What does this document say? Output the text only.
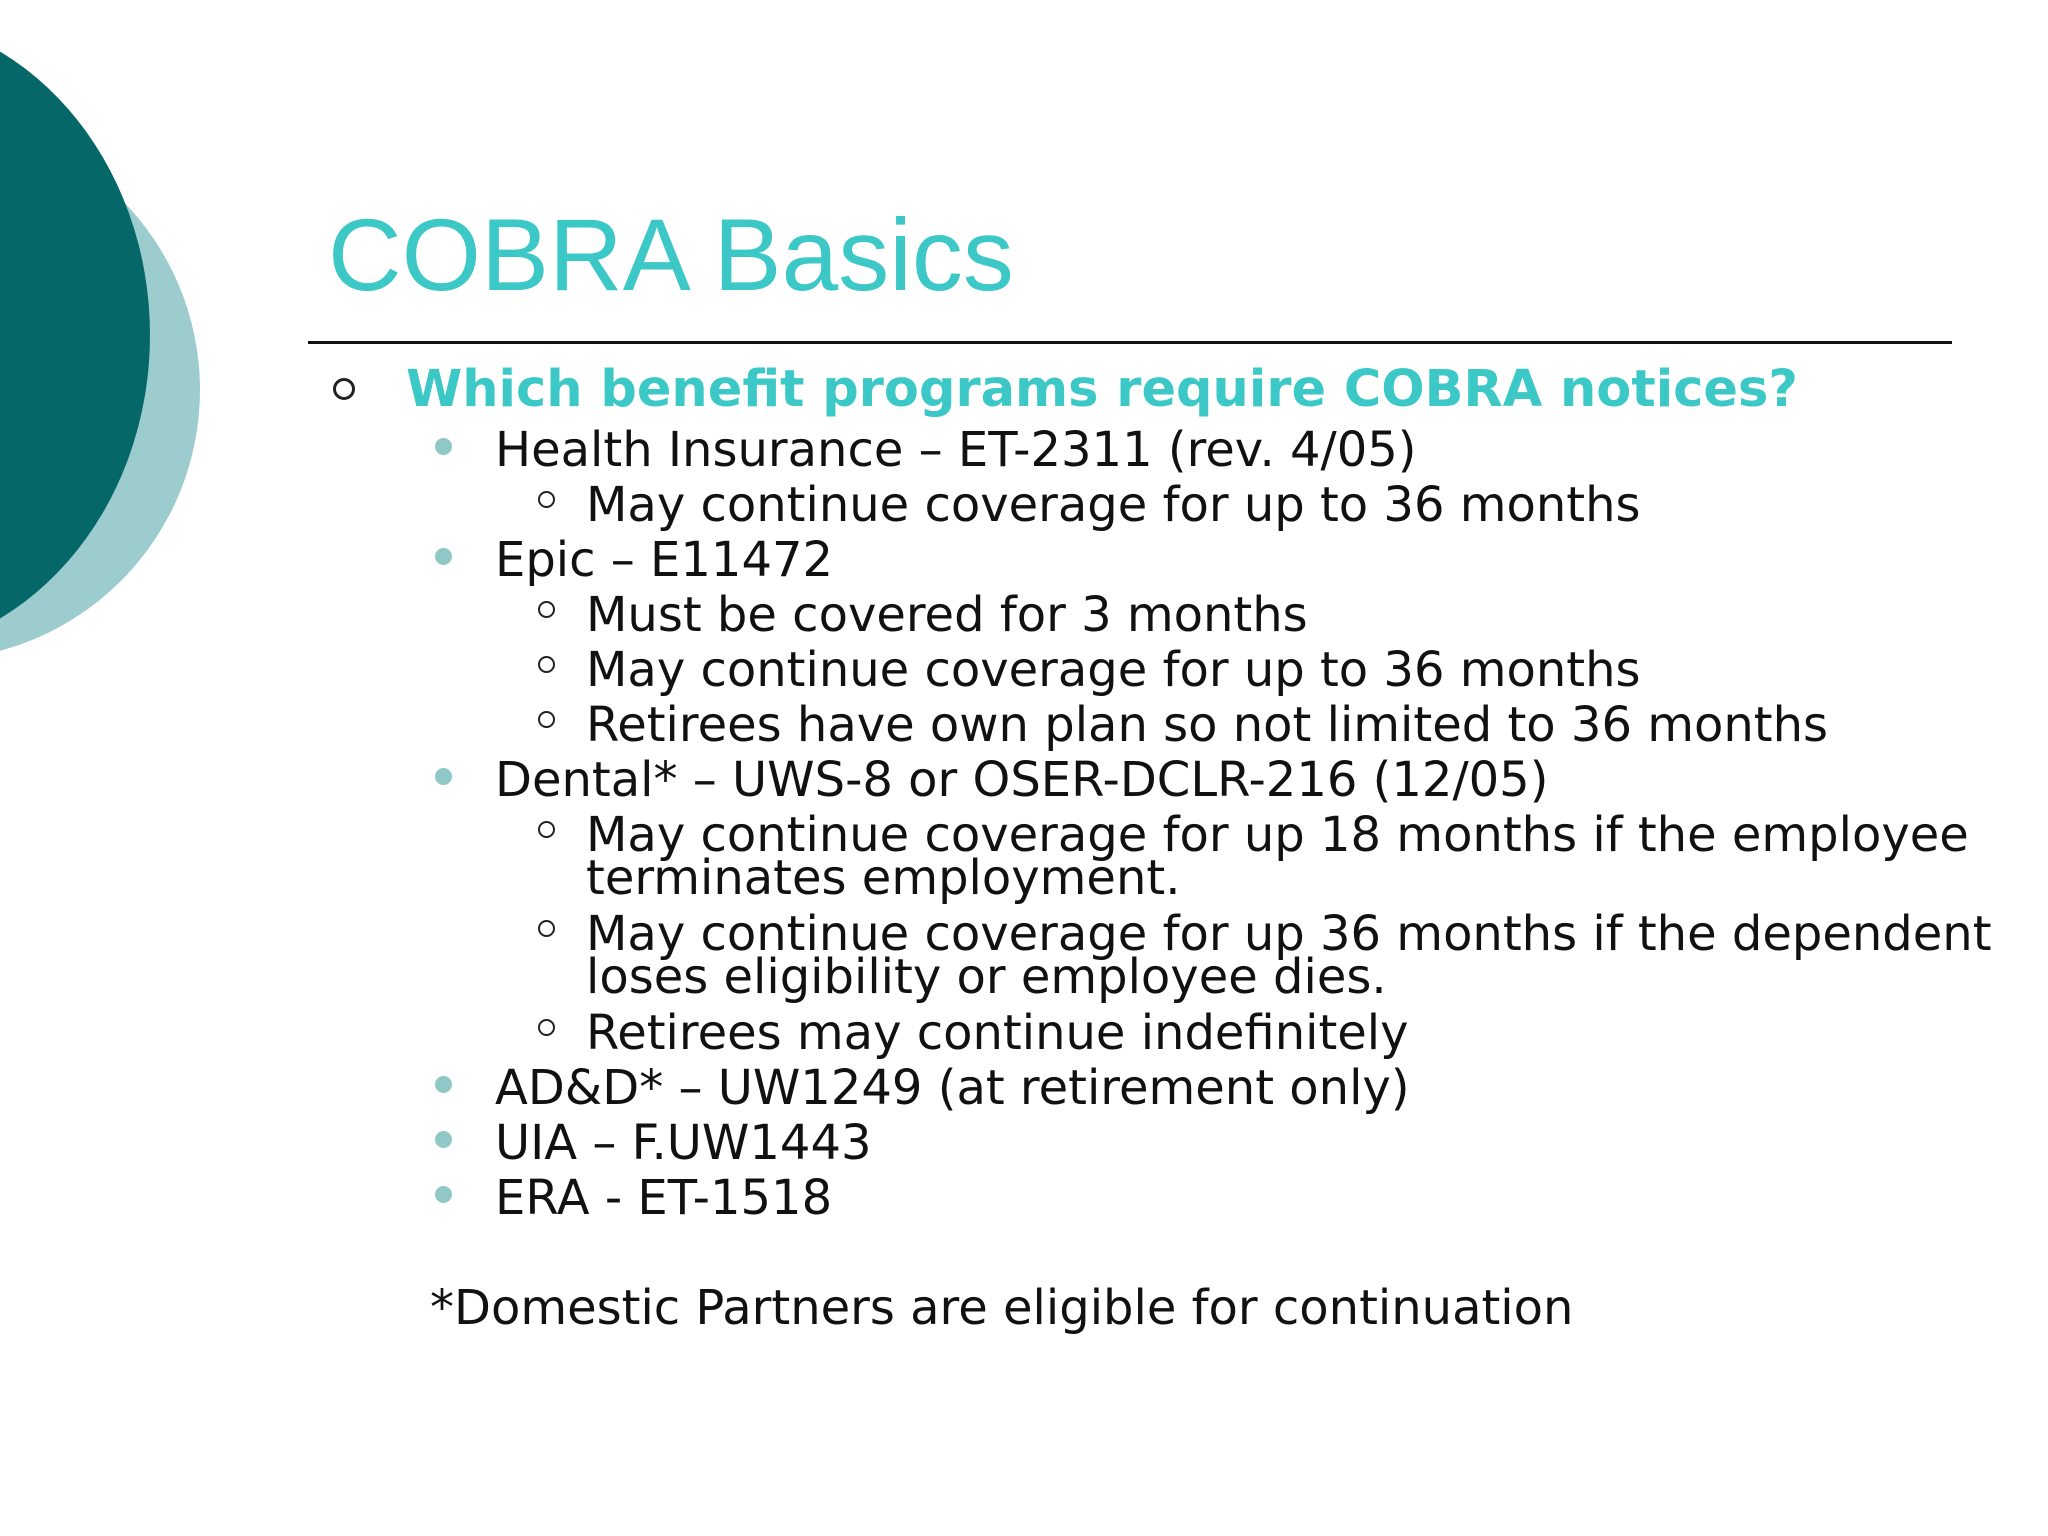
COBRA Basics
Which benefit programs require COBRA notices?
Health Insurance – ET-2311 (rev. 4/05)
May continue coverage for up to 36 months
Epic – E11472
Must be covered for 3 months
May continue coverage for up to 36 months
Retirees have own plan so not limited to 36 months
Dental* – UWS-8 or OSER-DCLR-216 (12/05)
May continue coverage for up 18 months if the employee
terminates employment.
May continue coverage for up 36 months if the dependent
loses eligibility or employee dies.
Retirees may continue indefinitely
AD&D* – UW1249 (at retirement only)
UIA – F.UW1443
ERA - ET-1518
*Domestic Partners are eligible for continuation
